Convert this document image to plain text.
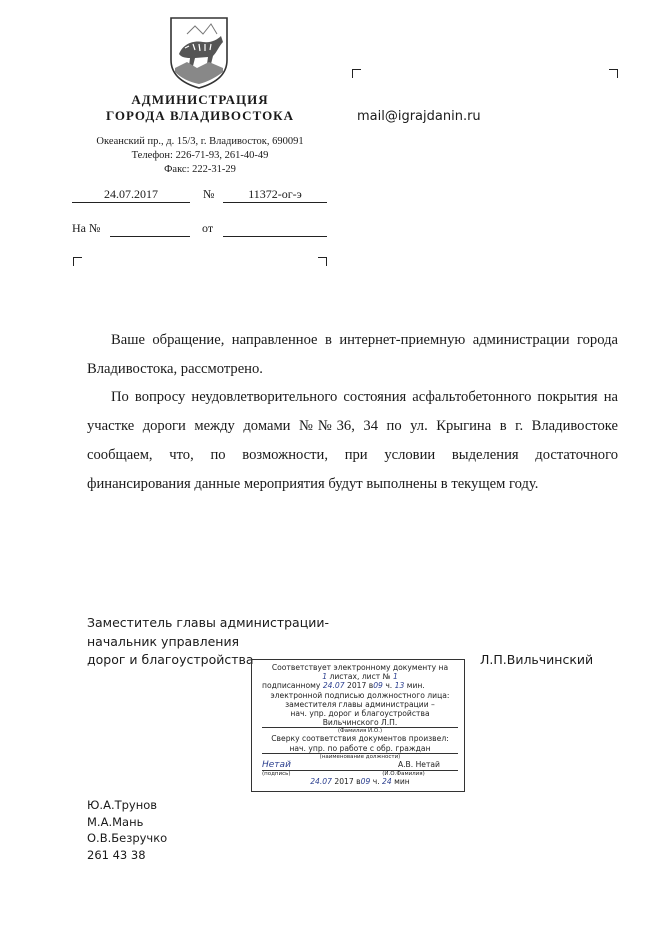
АДМИНИСТРАЦИЯ
ГОРОДА ВЛАДИВОСТОКА
Океанский пр., д. 15/3, г. Владивосток, 690091
Телефон: 226-71-93, 261-40-49
Факс: 222-31-29
24.07.2017	№	11372-ог-э
На №	от
mail@igrajdanin.ru

Ваше обращение, направленное в интернет-приемную администрации города Владивостока, рассмотрено.

По вопросу неудовлетворительного состояния асфальтобетонного покрытия на участке дороги между домами №№36, 34 по ул. Крыгина в г. Владивостоке сообщаем, что, по возможности, при условии выделения достаточного финансирования данные мероприятия будут выполнены в текущем году.

Заместитель главы администрации-
начальник управления
дорог и благоустройства	Л.П.Вильчинский
Соответствует электронному документу на
1 листах, лист № 1
подписанному 24.07 2017 в09 ч. 13 мин.
электронной подписью должностного лица:
заместителя главы администрации –
нач. упр. дорог и благоустройства
Вильчинского Л.П.
(Фамилия И.О.)
Сверку соответствия документов произвел:
нач. упр. по работе с обр. граждан
(наименование должности)
Нетай	А.В. Нетай
(подпись)	(И.О.Фамилия)
24.07 2017 в09 ч. 24 мин
Ю.А.Трунов
М.А.Мань
О.В.Безручко
261 43 38
